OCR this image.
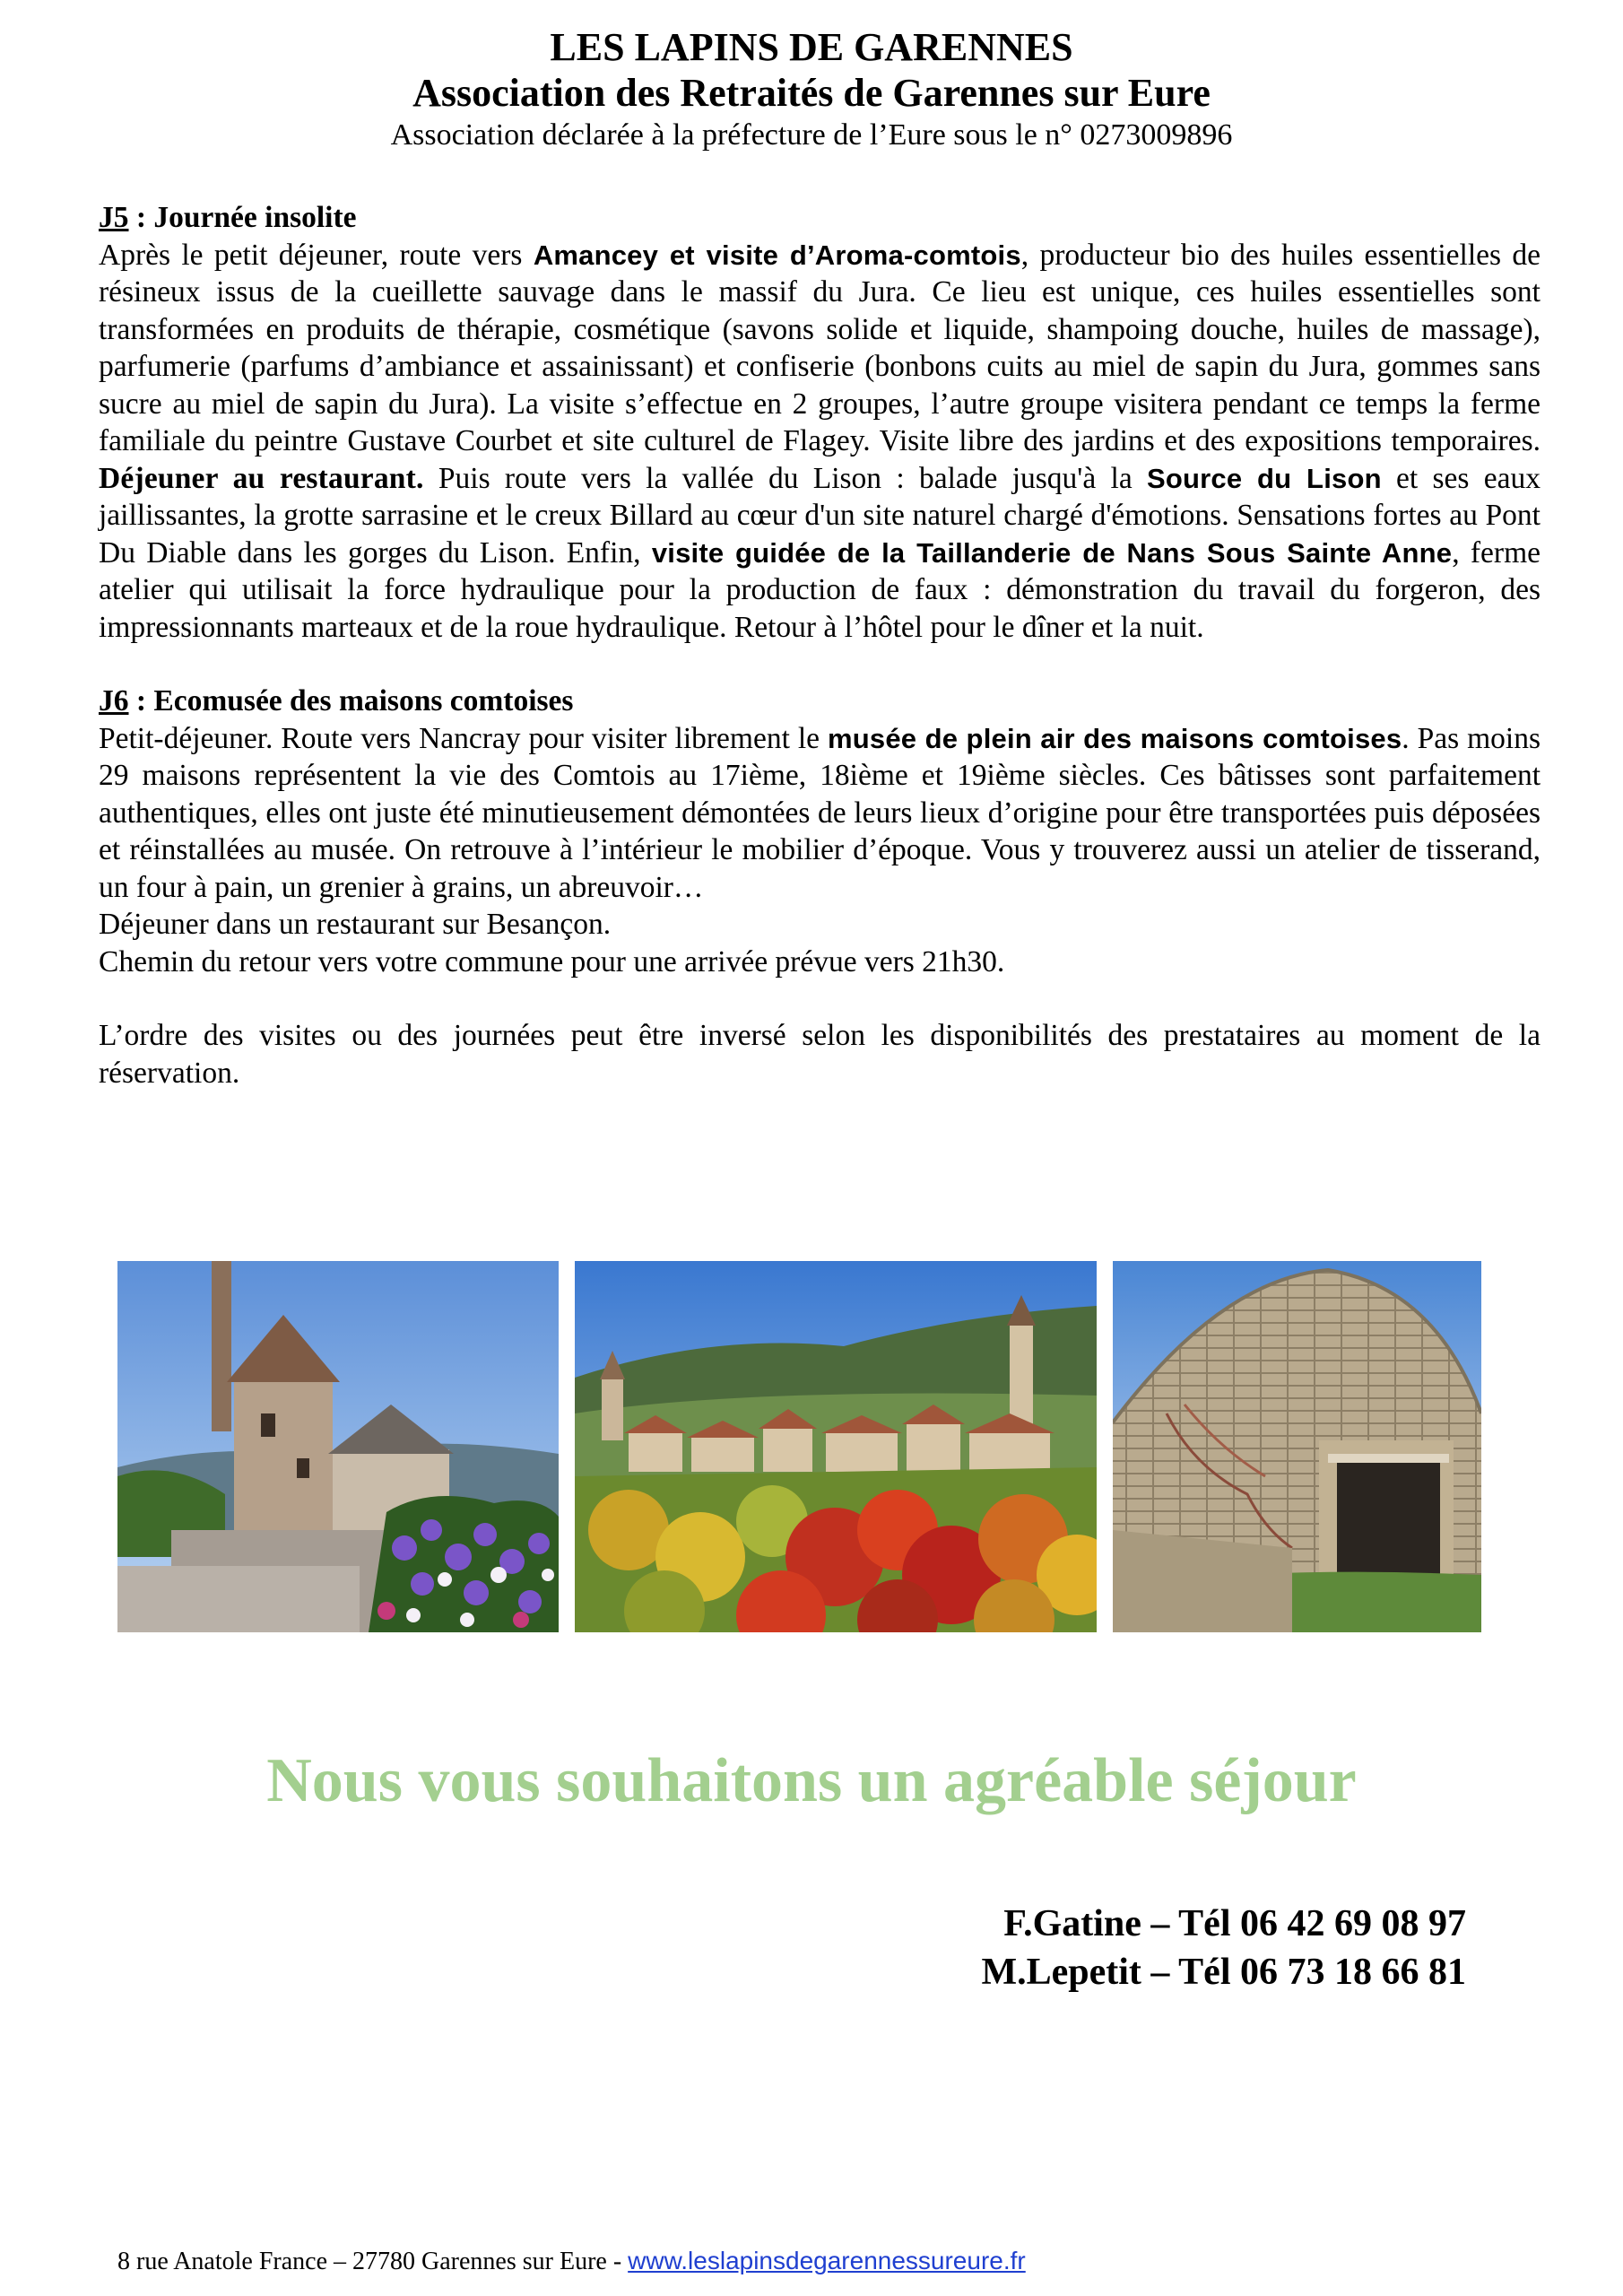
LES LAPINS DE GARENNES
Association des Retraités de Garennes sur Eure
Association déclarée à la préfecture de l’Eure sous le n° 0273009896
J5 : Journée insolite
Après le petit déjeuner, route vers Amancey et visite d’Aroma-comtois, producteur bio des huiles essentielles de résineux issus de la cueillette sauvage dans le massif du Jura. Ce lieu est unique, ces huiles essentielles sont transformées en produits de thérapie, cosmétique (savons solide et liquide, shampoing douche, huiles de massage), parfumerie (parfums d’ambiance et assainissant) et confiserie (bonbons cuits au miel de sapin du Jura, gommes sans sucre au miel de sapin du Jura). La visite s’effectue en 2 groupes, l’autre groupe visitera pendant ce temps la ferme familiale du peintre Gustave Courbet et site culturel de Flagey. Visite libre des jardins et des expositions temporaires. Déjeuner au restaurant. Puis route vers la vallée du Lison : balade jusqu'à la Source du Lison et ses eaux jaillissantes, la grotte sarrasine et le creux Billard au cœur d'un site naturel chargé d'émotions. Sensations fortes au Pont Du Diable dans les gorges du Lison. Enfin, visite guidée de la Taillanderie de Nans Sous Sainte Anne, ferme atelier qui utilisait la force hydraulique pour la production de faux : démonstration du travail du forgeron, des impressionnants marteaux et de la roue hydraulique. Retour à l’hôtel pour le dîner et la nuit.
J6 : Ecomusée des maisons comtoises
Petit-déjeuner. Route vers Nancray pour visiter librement le musée de plein air des maisons comtoises. Pas moins 29 maisons représentent la vie des Comtois au 17ième, 18ième et 19ième siècles. Ces bâtisses sont parfaitement authentiques, elles ont juste été minutieusement démontées de leurs lieux d’origine pour être transportées puis déposées et réinstallées au musée. On retrouve à l’intérieur le mobilier d’époque. Vous y trouverez aussi un atelier de tisserand, un four à pain, un grenier à grains, un abreuvoir…
Déjeuner dans un restaurant sur Besançon.
Chemin du retour vers votre commune pour une arrivée prévue vers 21h30.
L’ordre des visites ou des journées peut être inversé selon les disponibilités des prestataires au moment de la réservation.
Nous vous souhaitons un agréable séjour
F.Gatine – Tél 06 42 69 08 97
M.Lepetit – Tél 06 73 18 66 81
8 rue Anatole France – 27780 Garennes sur Eure - www.leslapinsdegarennessureure.fr
